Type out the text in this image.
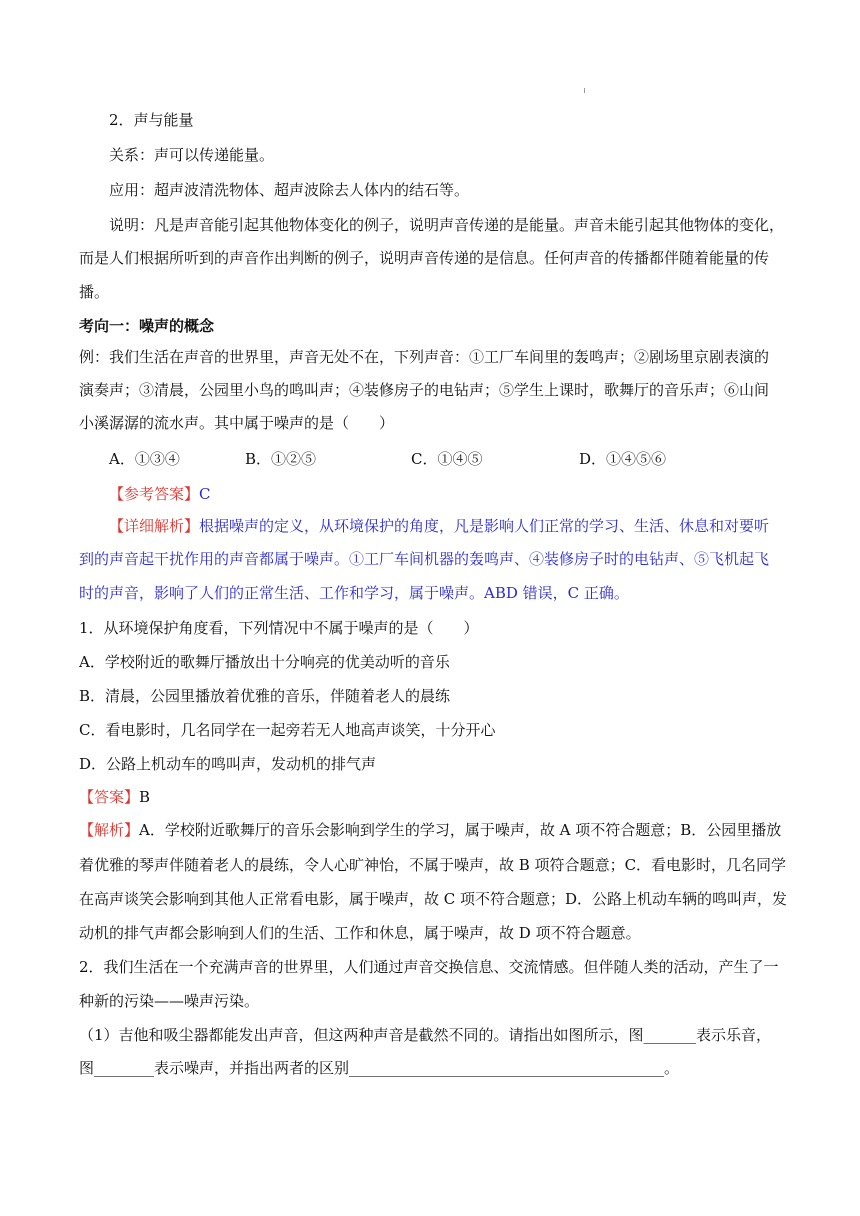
2．声与能量
关系：声可以传递能量。
应用：超声波清洗物体、超声波除去人体内的结石等。
说明：凡是声音能引起其他物体变化的例子，说明声音传递的是能量。声音未能引起其他物体的变化，
而是人们根据所听到的声音作出判断的例子，说明声音传递的是信息。任何声音的传播都伴随着能量的传
播。
考向一：噪声的概念
例：我们生活在声音的世界里，声音无处不在，下列声音：①工厂车间里的轰鸣声；②剧场里京剧表演的
演奏声；③清晨，公园里小鸟的鸣叫声；④装修房子的电钻声；⑤学生上课时，歌舞厅的音乐声；⑥山间
小溪潺潺的流水声。其中属于噪声的是（　　）
A．①③④	B．①②⑤	C．①④⑤	D．①④⑤⑥
【参考答案】C
【详细解析】根据噪声的定义，从环境保护的角度，凡是影响人们正常的学习、生活、休息和对要听
到的声音起干扰作用的声音都属于噪声。①工厂车间机器的轰鸣声、④装修房子时的电钻声、⑤飞机起飞
时的声音，影响了人们的正常生活、工作和学习，属于噪声。ABD 错误，C 正确。
1．从环境保护角度看，下列情况中不属于噪声的是（　　）
A．学校附近的歌舞厅播放出十分响亮的优美动听的音乐
B．清晨，公园里播放着优雅的音乐，伴随着老人的晨练
C．看电影时，几名同学在一起旁若无人地高声谈笑，十分开心
D．公路上机动车的鸣叫声，发动机的排气声
【答案】B
【解析】A．学校附近歌舞厅的音乐会影响到学生的学习，属于噪声，故 A 项不符合题意；B．公园里播放
着优雅的琴声伴随着老人的晨练，令人心旷神怡，不属于噪声，故 B 项符合题意；C．看电影时，几名同学
在高声谈笑会影响到其他人正常看电影，属于噪声，故 C 项不符合题意；D．公路上机动车辆的鸣叫声，发
动机的排气声都会影响到人们的生活、工作和休息，属于噪声，故 D 项不符合题意。
2．我们生活在一个充满声音的世界里，人们通过声音交换信息、交流情感。但伴随人类的活动，产生了一
种新的污染——噪声污染。
（1）吉他和吸尘器都能发出声音，但这两种声音是截然不同的。请指出如图所示，图_______表示乐音，
图________表示噪声，并指出两者的区别__________________________________________。
